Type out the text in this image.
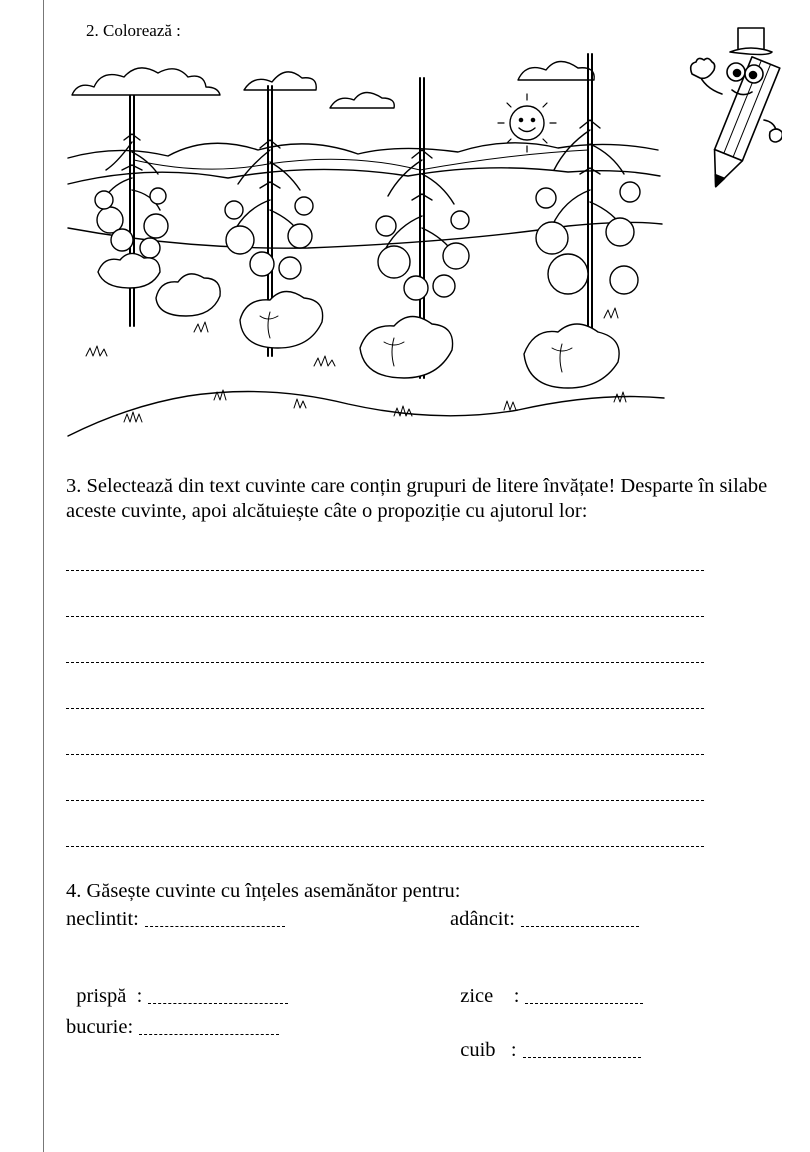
2. Colorează :
3. Selectează din text cuvinte care conțin grupuri de litere învățate! Desparte în silabe aceste cuvinte, apoi alcătuiește câte o propoziție cu ajutorul lor:
4. Găsește cuvinte cu înțeles asemănător pentru:
neclintit:	adâncit:

prispă  :	zice    :

bucurie:

cuib   :
